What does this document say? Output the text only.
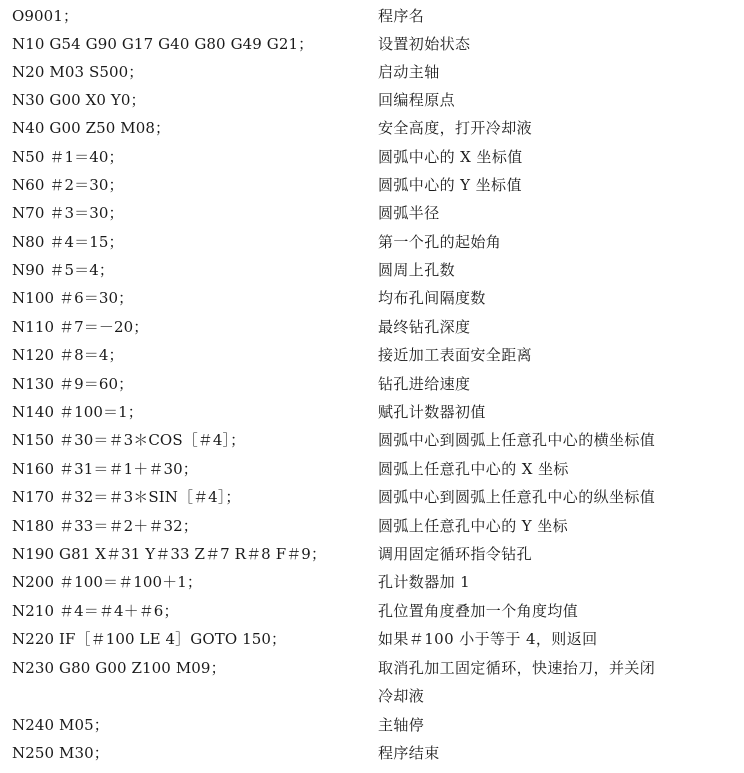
O9001；	程序名
N10 G54 G90 G17 G40 G80 G49 G21；	设置初始状态
N20 M03 S500；	启动主轴
N30 G00 X0 Y0；	回编程原点
N40 G00 Z50 M08；	安全高度，打开冷却液
N50 ＃1＝40；	圆弧中心的 X 坐标值
N60 ＃2＝30；	圆弧中心的 Y 坐标值
N70 ＃3＝30；	圆弧半径
N80 ＃4＝15；	第一个孔的起始角
N90 ＃5＝4；	圆周上孔数
N100 ＃6＝30；	均布孔间隔度数
N110 ＃7＝－20；	最终钻孔深度
N120 ＃8＝4；	接近加工表面安全距离
N130 ＃9＝60；	钻孔进给速度
N140 ＃100＝1；	赋孔计数器初值
N150 ＃30＝＃3＊COS［＃4］；	圆弧中心到圆弧上任意孔中心的横坐标值
N160 ＃31＝＃1＋＃30；	圆弧上任意孔中心的 X 坐标
N170 ＃32＝＃3＊SIN［＃4］；	圆弧中心到圆弧上任意孔中心的纵坐标值
N180 ＃33＝＃2＋＃32；	圆弧上任意孔中心的 Y 坐标
N190 G81 X＃31 Y＃33 Z＃7 R＃8 F＃9；	调用固定循环指令钻孔
N200 ＃100＝＃100＋1；	孔计数器加 1
N210 ＃4＝＃4＋＃6；	孔位置角度叠加一个角度均值
N220 IF［＃100 LE 4］GOTO 150；	如果＃100 小于等于 4，则返回
N230 G80 G00 Z100 M09；	取消孔加工固定循环，快速抬刀，并关闭
冷却液
N240 M05；	主轴停
N250 M30；	程序结束
